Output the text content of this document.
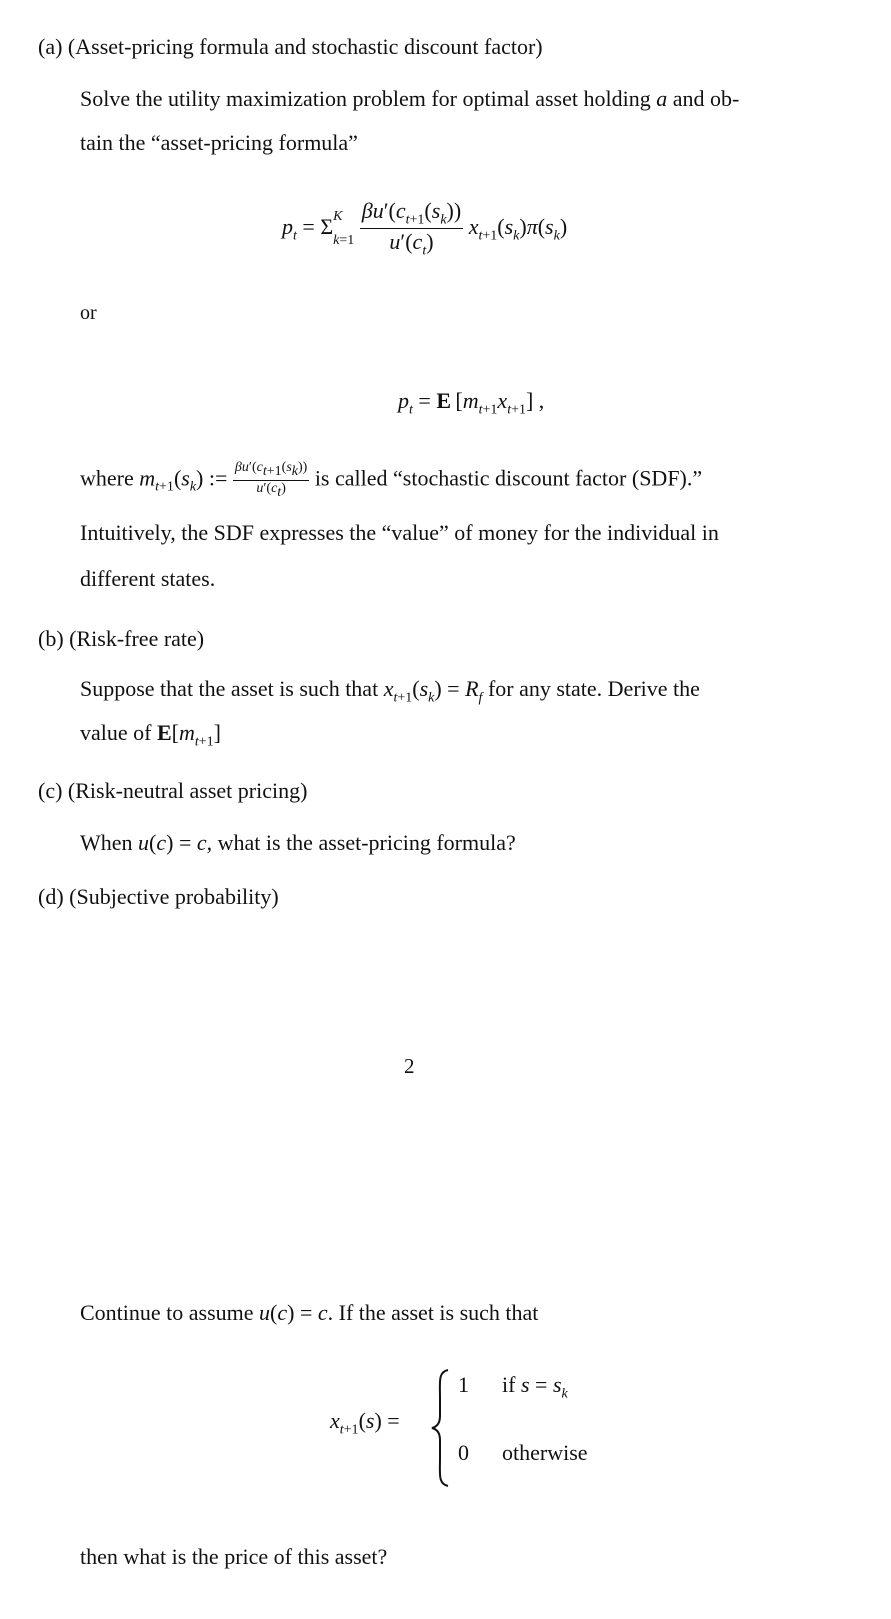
(a) (Asset-pricing formula and stochastic discount factor)
Solve the utility maximization problem for optimal asset holding a and ob-
tain the “asset-pricing formula”
$p_t = \Sigma^K$
$_{k=1} \frac{\beta u'(c_{t+1}(s_k))}{u'(c_t)} x_{t+1}(s_k)\pi(s_k)$
or
$p_t = E$ $[m_{t+1}x_{t+1}]$ ,
where $m_{t+1}(s_k)$ := $\frac{\beta u'(c_{t+1}(s_k))}{u'(c_t)}$ is called “stochastic discount factor (SDF).”
Intuitively, the SDF expresses the “value” of money for the individual in
different states.
(b) (Risk-free rate)
Suppose that the asset is such that $x_{t+1}(s_k) = R_f$ for any state. Derive the
value of $E[m_{t+1}]$
(c) (Risk-neutral asset pricing)
When u(c) = c, what is the asset-pricing formula?
(d) (Subjective probability)
2
Continue to assume u(c) = c. If the asset is such that
$x_{t+1}(s)$ =
1 if $s = s_k$
0 otherwise
then what is the price of this asset?
